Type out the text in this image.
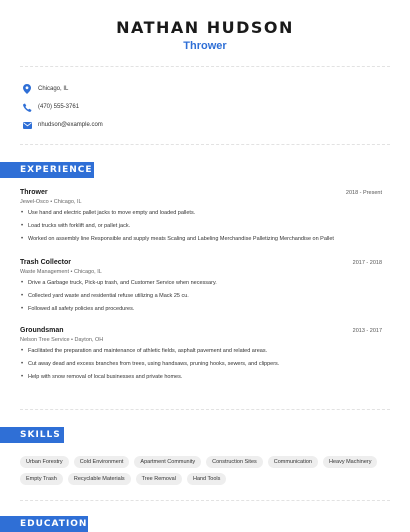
NATHAN HUDSON
Thrower
Chicago, IL
(470) 555-3761
nhudson@example.com
EXPERIENCE
Thrower	2018 - Present
Jewel-Osco • Chicago, IL
• Use hand and electric pallet jacks to move empty and loaded pallets.
• Load trucks with forklift and, or pallet jack.
• Worked on assembly line Responsible and supply meats Scaling and Labeling Merchandise Palletizing Merchandise on Pallet
Trash Collector	2017 - 2018
Waste Management • Chicago, IL
• Drive a Garbage truck, Pick-up trash, and Customer Service when necessary.
• Collected yard waste and residential refuse utilizing a Mack 25 cu.
• Followed all safety policies and procedures.
Groundsman	2013 - 2017
Nelson Tree Service • Dayton, OH
• Facilitated the preparation and maintenance of athletic fields, asphalt pavement and related areas.
• Cut away dead and excess branches from trees, using handsaws, pruning hooks, sewers, and clippers.
• Help with snow removal of local businesses and private homes.
SKILLS
Urban Forestry	Cold Environment	Apartment Community	Construction Sites	Communication	Heavy Machinery
Empty Trash	Recyclable Materials	Tree Removal	Hand Tools
EDUCATION
